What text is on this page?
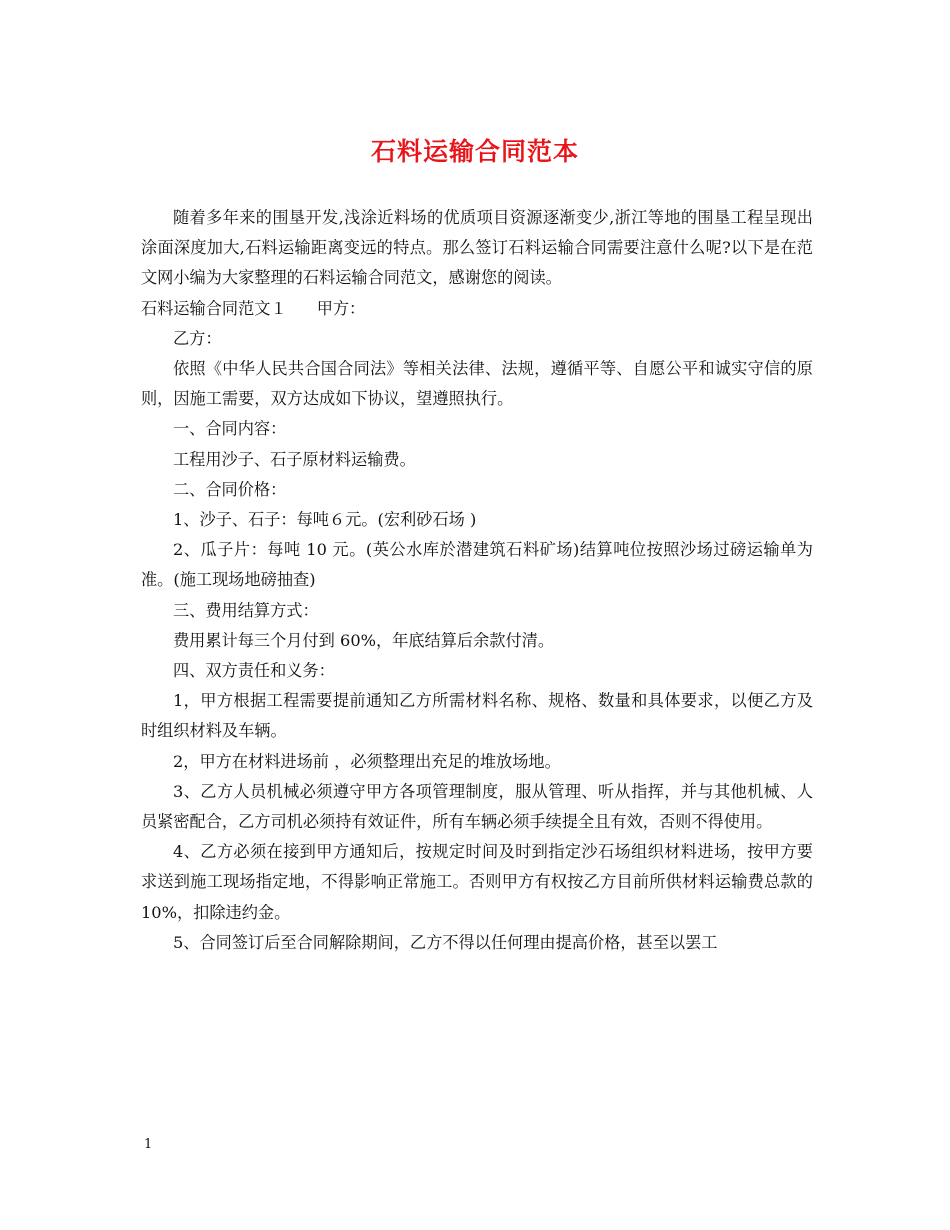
石料运输合同范本

随着多年来的围垦开发,浅涂近料场的优质项目资源逐渐变少,浙江等地的围垦工程呈现出涂面深度加大,石料运输距离变远的特点。那么签订石料运输合同需要注意什么呢?以下是在范文网小编为大家整理的石料运输合同范文，感谢您的阅读。

石料运输合同范文１ 甲方：

乙方：

依照《中华人民共合国合同法》等相关法律、法规，遵循平等、自愿公平和诚实守信的原则，因施工需要，双方达成如下协议，望遵照执行。

一、合同内容：

工程用沙子、石子原材料运输费。

二、合同价格：

1、沙子、石子：每吨６元。(宏利砂石场 )

2、瓜子片：每吨 10 元。(英公水库於潜建筑石料矿场)结算吨位按照沙场过磅运输单为准。(施工现场地磅抽查)

三、费用结算方式：

费用累计每三个月付到 60%，年底结算后余款付清。

四、双方责任和义务：

1，甲方根据工程需要提前通知乙方所需材料名称、规格、数量和具体要求，以便乙方及时组织材料及车辆。

2，甲方在材料进场前 ，必须整理出充足的堆放场地。

3、乙方人员机械必须遵守甲方各项管理制度，服从管理、听从指挥，并与其他机械、人员紧密配合，乙方司机必须持有效证件，所有车辆必须手续提全且有效，否则不得使用。

4、乙方必须在接到甲方通知后，按规定时间及时到指定沙石场组织材料进场，按甲方要求送到施工现场指定地，不得影响正常施工。否则甲方有权按乙方目前所供材料运输费总款的 10%，扣除违约金。

5、合同签订后至合同解除期间，乙方不得以任何理由提高价格，甚至以罢工

1
